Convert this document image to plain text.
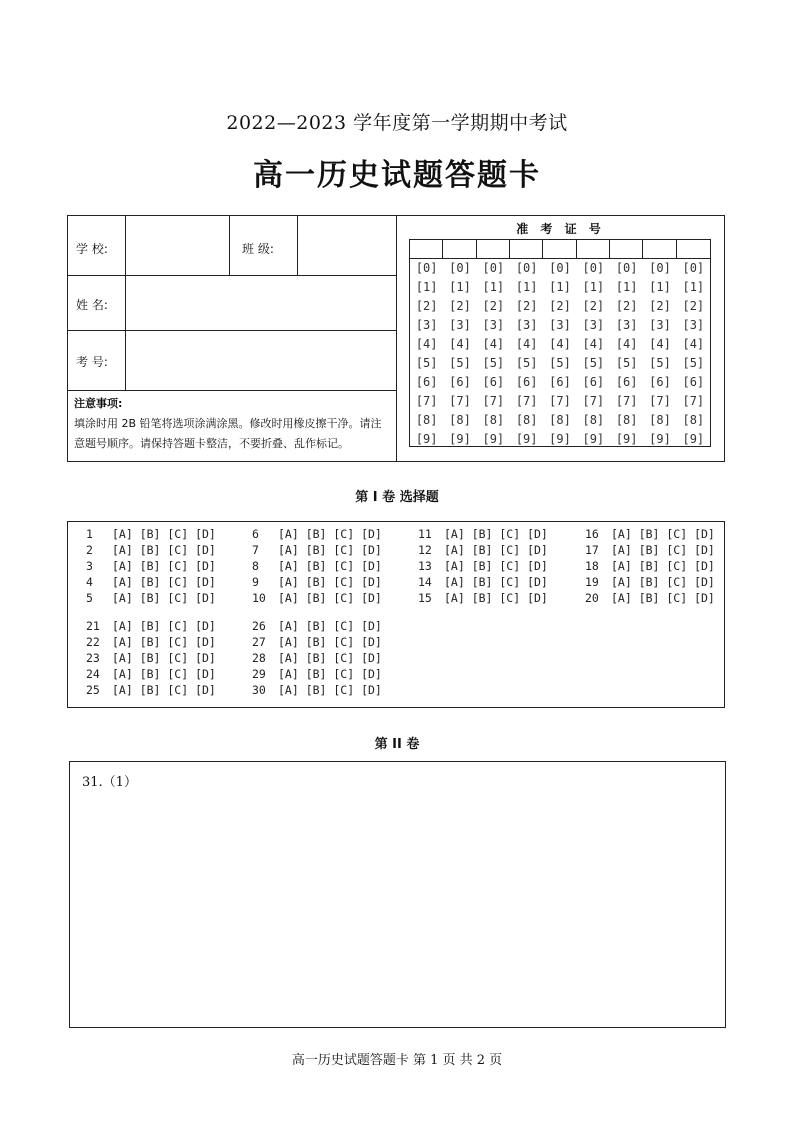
2022—2023 学年度第一学期期中考试
高一历史试题答题卡
学 校:	班 级:
姓 名:
考 号:
注意事项:
填涂时用 2B 铅笔将选项涂满涂黑。修改时用橡皮擦干净。请注意题号顺序。请保持答题卡整洁，不要折叠、乱作标记。
准 考 证 号
[0]
[1]
[2]
[3]
[4]
[5]
[6]
[7]
[8]
[9]
[0]
[1]
[2]
[3]
[4]
[5]
[6]
[7]
[8]
[9]
[0]
[1]
[2]
[3]
[4]
[5]
[6]
[7]
[8]
[9]
[0]
[1]
[2]
[3]
[4]
[5]
[6]
[7]
[8]
[9]
[0]
[1]
[2]
[3]
[4]
[5]
[6]
[7]
[8]
[9]
[0]
[1]
[2]
[3]
[4]
[5]
[6]
[7]
[8]
[9]
[0]
[1]
[2]
[3]
[4]
[5]
[6]
[7]
[8]
[9]
[0]
[1]
[2]
[3]
[4]
[5]
[6]
[7]
[8]
[9]
[0]
[1]
[2]
[3]
[4]
[5]
[6]
[7]
[8]
[9]
第 I 卷 选择题
1 [A] [B] [C] [D]
2 [A] [B] [C] [D]
3 [A] [B] [C] [D]
4 [A] [B] [C] [D]
5 [A] [B] [C] [D]
6 [A] [B] [C] [D]
7 [A] [B] [C] [D]
8 [A] [B] [C] [D]
9 [A] [B] [C] [D]
10 [A] [B] [C] [D]
11 [A] [B] [C] [D]
12 [A] [B] [C] [D]
13 [A] [B] [C] [D]
14 [A] [B] [C] [D]
15 [A] [B] [C] [D]
16 [A] [B] [C] [D]
17 [A] [B] [C] [D]
18 [A] [B] [C] [D]
19 [A] [B] [C] [D]
20 [A] [B] [C] [D]
21 [A] [B] [C] [D]
22 [A] [B] [C] [D]
23 [A] [B] [C] [D]
24 [A] [B] [C] [D]
25 [A] [B] [C] [D]
26 [A] [B] [C] [D]
27 [A] [B] [C] [D]
28 [A] [B] [C] [D]
29 [A] [B] [C] [D]
30 [A] [B] [C] [D]
第 II 卷
31.（1）
高一历史试题答题卡 第 1 页 共 2 页
